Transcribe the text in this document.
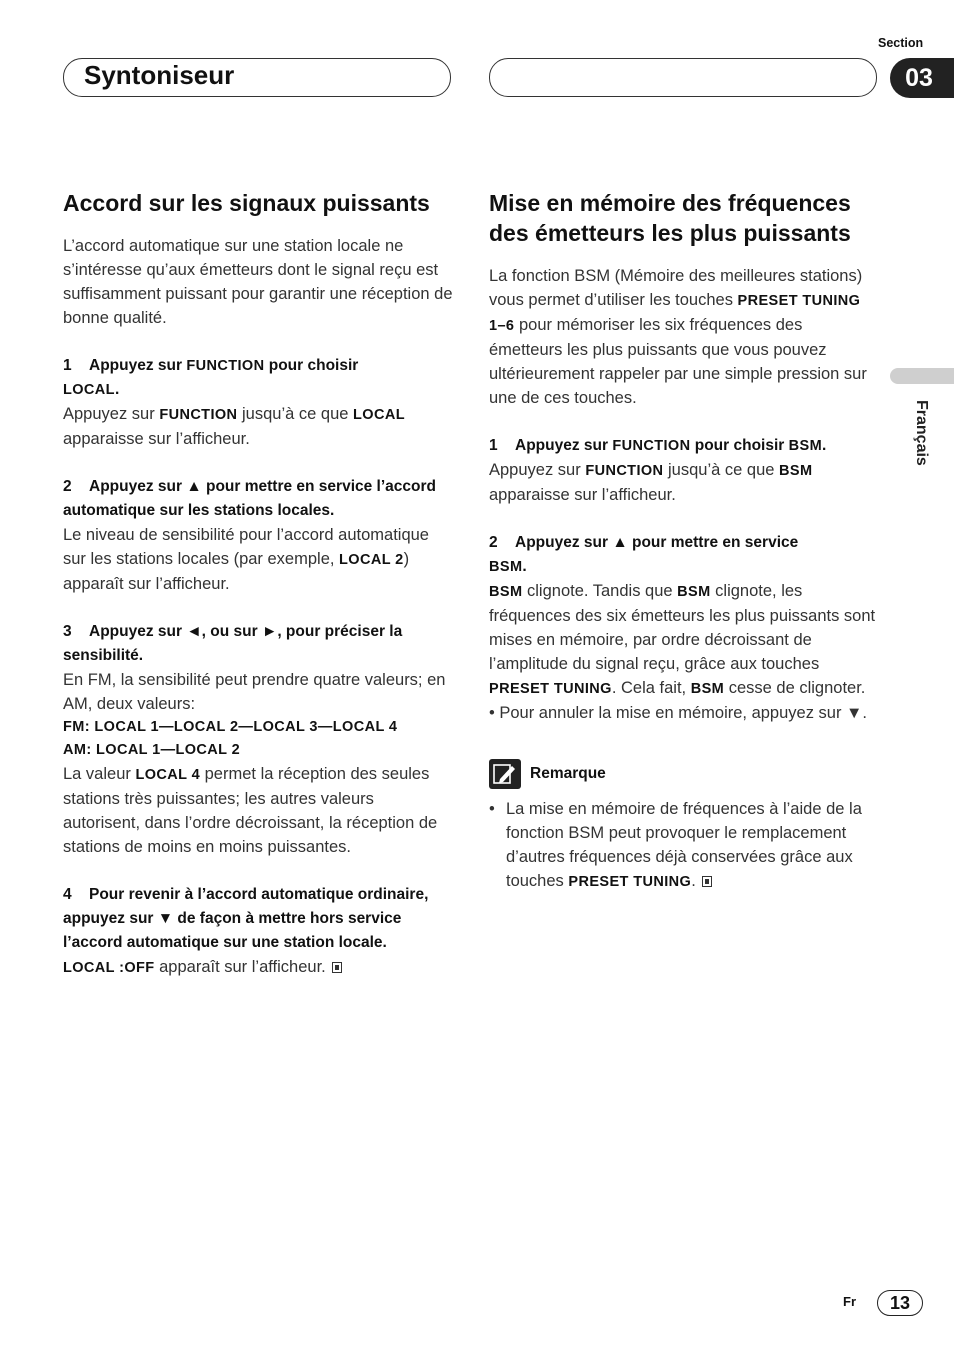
Syntoniseur
Section
03
Français
Accord sur les signaux puissants

L’accord automatique sur une station locale ne s’intéresse qu’aux émetteurs dont le signal reçu est suffisamment puissant pour garantir une réception de bonne qualité.

1 Appuyez sur FUNCTION pour choisir
LOCAL.

Appuyez sur FUNCTION jusqu’à ce que LOCAL apparaisse sur l’afficheur.

2 Appuyez sur ▲ pour mettre en service l’accord automatique sur les stations locales.

Le niveau de sensibilité pour l’accord automatique sur les stations locales (par exemple, LOCAL 2) apparaît sur l’afficheur.

3 Appuyez sur ◄, ou sur ►, pour préciser la sensibilité.

En FM, la sensibilité peut prendre quatre valeurs; en AM, deux valeurs:

FM: LOCAL 1—LOCAL 2—LOCAL 3—LOCAL 4

AM: LOCAL 1—LOCAL 2

La valeur LOCAL 4 permet la réception des seules stations très puissantes; les autres valeurs autorisent, dans l’ordre décroissant, la réception de stations de moins en moins puissantes.

4 Pour revenir à l’accord automatique ordinaire, appuyez sur ▼ de façon à mettre hors service l’accord automatique sur une station locale.

LOCAL :OFF apparaît sur l’afficheur.

Mise en mémoire des fréquences des émetteurs les plus puissants

La fonction BSM (Mémoire des meilleures stations) vous permet d’utiliser les touches PRESET TUNING 1–6 pour mémoriser les six fréquences des émetteurs les plus puissants que vous pouvez ultérieurement rappeler par une simple pression sur une de ces touches.

1 Appuyez sur FUNCTION pour choisir BSM.

Appuyez sur FUNCTION jusqu’à ce que BSM apparaisse sur l’afficheur.

2 Appuyez sur ▲ pour mettre en service
BSM.

BSM clignote. Tandis que BSM clignote, les fréquences des six émetteurs les plus puissants sont mises en mémoire, par ordre décroissant de l’amplitude du signal reçu, grâce aux touches PRESET TUNING. Cela fait, BSM cesse de clignoter.

• Pour annuler la mise en mémoire, appuyez sur ▼.

Remarque
• La mise en mémoire de fréquences à l’aide de la fonction BSM peut provoquer le remplacement d’autres fréquences déjà conservées grâce aux touches PRESET TUNING.
Fr 13
